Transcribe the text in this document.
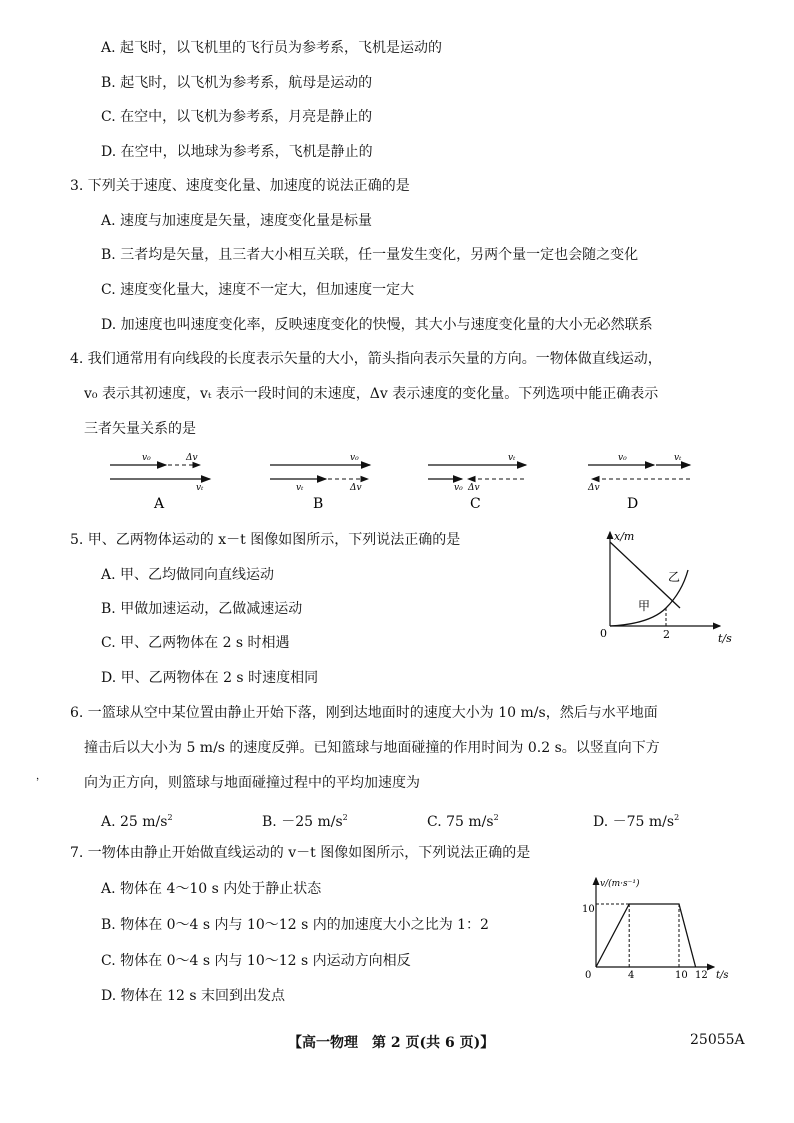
A. 起飞时，以飞机里的飞行员为参考系，飞机是运动的
B. 起飞时，以飞机为参考系，航母是运动的
C. 在空中，以飞机为参考系，月亮是静止的
D. 在空中，以地球为参考系，飞机是静止的
3. 下列关于速度、速度变化量、加速度的说法正确的是
A. 速度与加速度是矢量，速度变化量是标量
B. 三者均是矢量，且三者大小相互关联，任一量发生变化，另两个量一定也会随之变化
C. 速度变化量大，速度不一定大，但加速度一定大
D. 加速度也叫速度变化率，反映速度变化的快慢，其大小与速度变化量的大小无必然联系
4. 我们通常用有向线段的长度表示矢量的大小，箭头指向表示矢量的方向。一物体做直线运动，
v₀ 表示其初速度，vₜ 表示一段时间的末速度，Δv 表示速度的变化量。下列选项中能正确表示
三者矢量关系的是
v₀	Δv
vₜ
A
v₀
vₜ	Δv
B
vₜ
v₀ Δv
C
v₀	vₜ
Δv
D
5. 甲、乙两物体运动的 x－t 图像如图所示，下列说法正确的是
A. 甲、乙均做同向直线运动
B. 甲做加速运动，乙做减速运动
C. 甲、乙两物体在 2 s 时相遇
D. 甲、乙两物体在 2 s 时速度相同
x/m
t/s
0	2
乙
甲
6. 一篮球从空中某位置由静止开始下落，刚到达地面时的速度大小为 10 m/s，然后与水平地面
撞击后以大小为 5 m/s 的速度反弹。已知篮球与地面碰撞的作用时间为 0.2 s。以竖直向下方
，	向为正方向，则篮球与地面碰撞过程中的平均加速度为
A. 25 $m/s^2$	B. －25 $m/s^2$	C. 75 $m/s^2$	D. －75 $m/s^2$
7. 一物体由静止开始做直线运动的 v－t 图像如图所示，下列说法正确的是
A. 物体在 4～10 s 内处于静止状态
B. 物体在 0～4 s 内与 10～12 s 内的加速度大小之比为 1：2
C. 物体在 0～4 s 内与 10～12 s 内运动方向相反
D. 物体在 12 s 末回到出发点
v/(m·s⁻¹)
t/s
0
10
4	10 12
【高一物理　第 2 页(共 6 页)】	25055A
